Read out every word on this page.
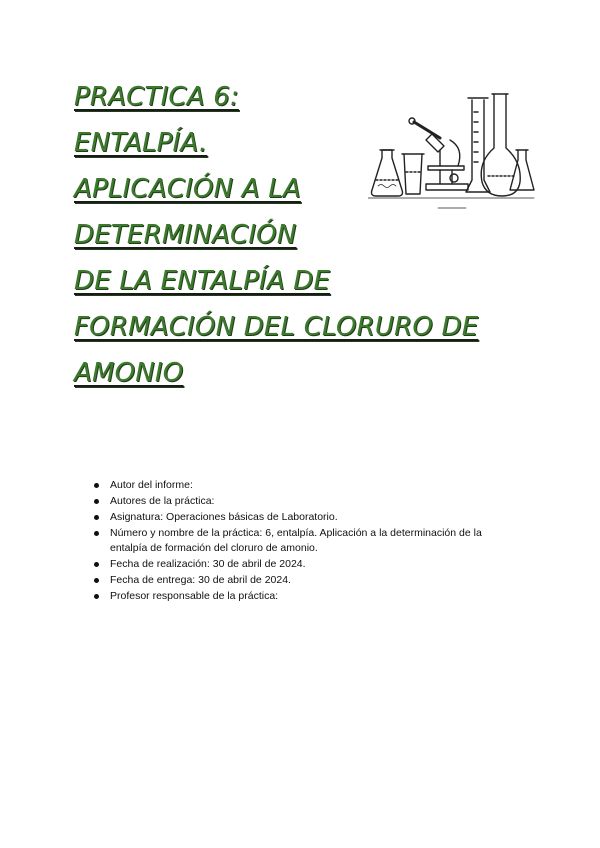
PRACTICA 6:
ENTALPÍA.
APLICACIÓN A LA
DETERMINACIÓN
DE LA ENTALPÍA DE
FORMACIÓN DEL CLORURO DE
AMONIO
Autor del informe:
Autores de la práctica:
Asignatura: Operaciones básicas de Laboratorio.
Número y nombre de la práctica: 6, entalpía. Aplicación a la determinación de la entalpía de formación del cloruro de amonio.
Fecha de realización: 30 de abril de 2024.
Fecha de entrega: 30 de abril de 2024.
Profesor responsable de la práctica:
